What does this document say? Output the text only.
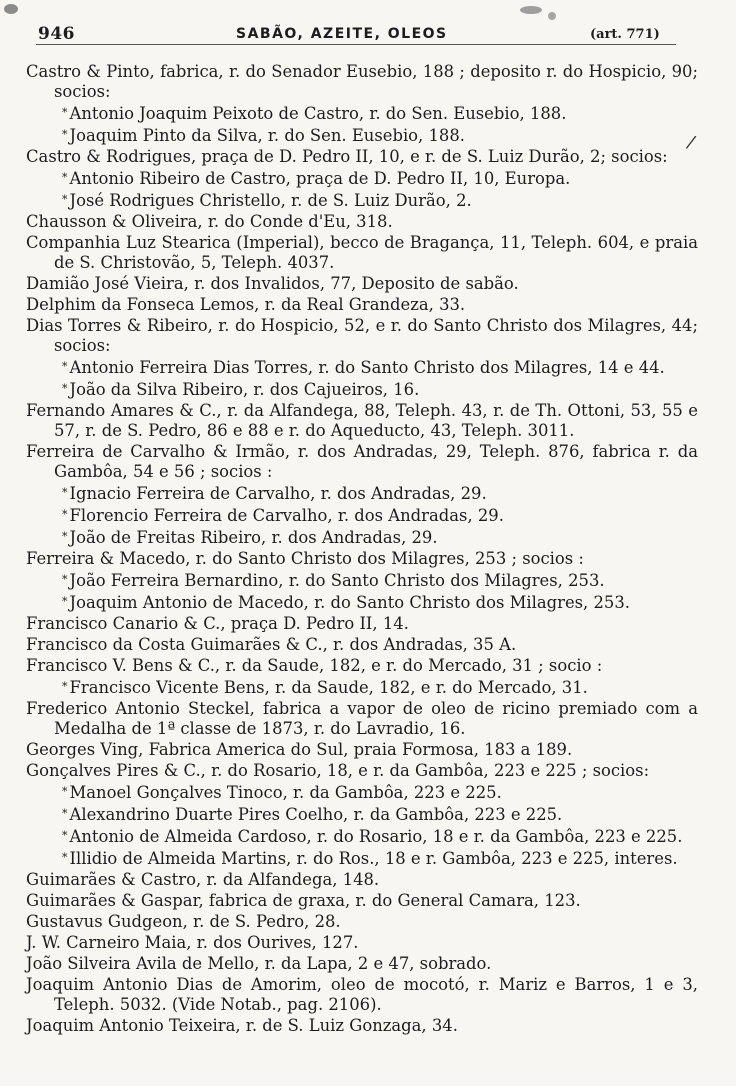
946	SABÃO, AZEITE, OLEOS	(art. 771)
/
Castro & Pinto, fabrica, r. do Senador Eusebio, 188 ; deposito r. do Hospicio, 90; socios:
* Antonio Joaquim Peixoto de Castro, r. do Sen. Eusebio, 188.
* Joaquim Pinto da Silva, r. do Sen. Eusebio, 188.
Castro & Rodrigues, praça de D. Pedro II, 10, e r. de S. Luiz Durão, 2; socios:
* Antonio Ribeiro de Castro, praça de D. Pedro II, 10, Europa.
* José Rodrigues Christello, r. de S. Luiz Durão, 2.
Chausson & Oliveira, r. do Conde d'Eu, 318.
Companhia Luz Stearica (Imperial), becco de Bragança, 11, Teleph. 604, e praia de S. Christovão, 5, Teleph. 4037.
Damião José Vieira, r. dos Invalidos, 77, Deposito de sabão.
Delphim da Fonseca Lemos, r. da Real Grandeza, 33.
Dias Torres & Ribeiro, r. do Hospicio, 52, e r. do Santo Christo dos Milagres, 44; socios:
* Antonio Ferreira Dias Torres, r. do Santo Christo dos Milagres, 14 e 44.
* João da Silva Ribeiro, r. dos Cajueiros, 16.
Fernando Amares & C., r. da Alfandega, 88, Teleph. 43, r. de Th. Ottoni, 53, 55 e 57, r. de S. Pedro, 86 e 88 e r. do Aqueducto, 43, Teleph. 3011.
Ferreira de Carvalho & Irmão, r. dos Andradas, 29, Teleph. 876, fabrica r. da Gambôa, 54 e 56 ; socios :
* Ignacio Ferreira de Carvalho, r. dos Andradas, 29.
* Florencio Ferreira de Carvalho, r. dos Andradas, 29.
* João de Freitas Ribeiro, r. dos Andradas, 29.
Ferreira & Macedo, r. do Santo Christo dos Milagres, 253 ; socios :
* João Ferreira Bernardino, r. do Santo Christo dos Milagres, 253.
* Joaquim Antonio de Macedo, r. do Santo Christo dos Milagres, 253.
Francisco Canario & C., praça D. Pedro II, 14.
Francisco da Costa Guimarães & C., r. dos Andradas, 35 A.
Francisco V. Bens & C., r. da Saude, 182, e r. do Mercado, 31 ; socio :
* Francisco Vicente Bens, r. da Saude, 182, e r. do Mercado, 31.
Frederico Antonio Steckel, fabrica a vapor de oleo de ricino premiado com a Medalha de 1ª classe de 1873, r. do Lavradio, 16.
Georges Ving, Fabrica America do Sul, praia Formosa, 183 a 189.
Gonçalves Pires & C., r. do Rosario, 18, e r. da Gambôa, 223 e 225 ; socios:
* Manoel Gonçalves Tinoco, r. da Gambôa, 223 e 225.
* Alexandrino Duarte Pires Coelho, r. da Gambôa, 223 e 225.
* Antonio de Almeida Cardoso, r. do Rosario, 18 e r. da Gambôa, 223 e 225.
* Illidio de Almeida Martins, r. do Ros., 18 e r. Gambôa, 223 e 225, interes.
Guimarães & Castro, r. da Alfandega, 148.
Guimarães & Gaspar, fabrica de graxa, r. do General Camara, 123.
Gustavus Gudgeon, r. de S. Pedro, 28.
J. W. Carneiro Maia, r. dos Ourives, 127.
João Silveira Avila de Mello, r. da Lapa, 2 e 47, sobrado.
Joaquim Antonio Dias de Amorim, oleo de mocotó, r. Mariz e Barros, 1 e 3, Teleph. 5032. (Vide Notab., pag. 2106).
Joaquim Antonio Teixeira, r. de S. Luiz Gonzaga, 34.
